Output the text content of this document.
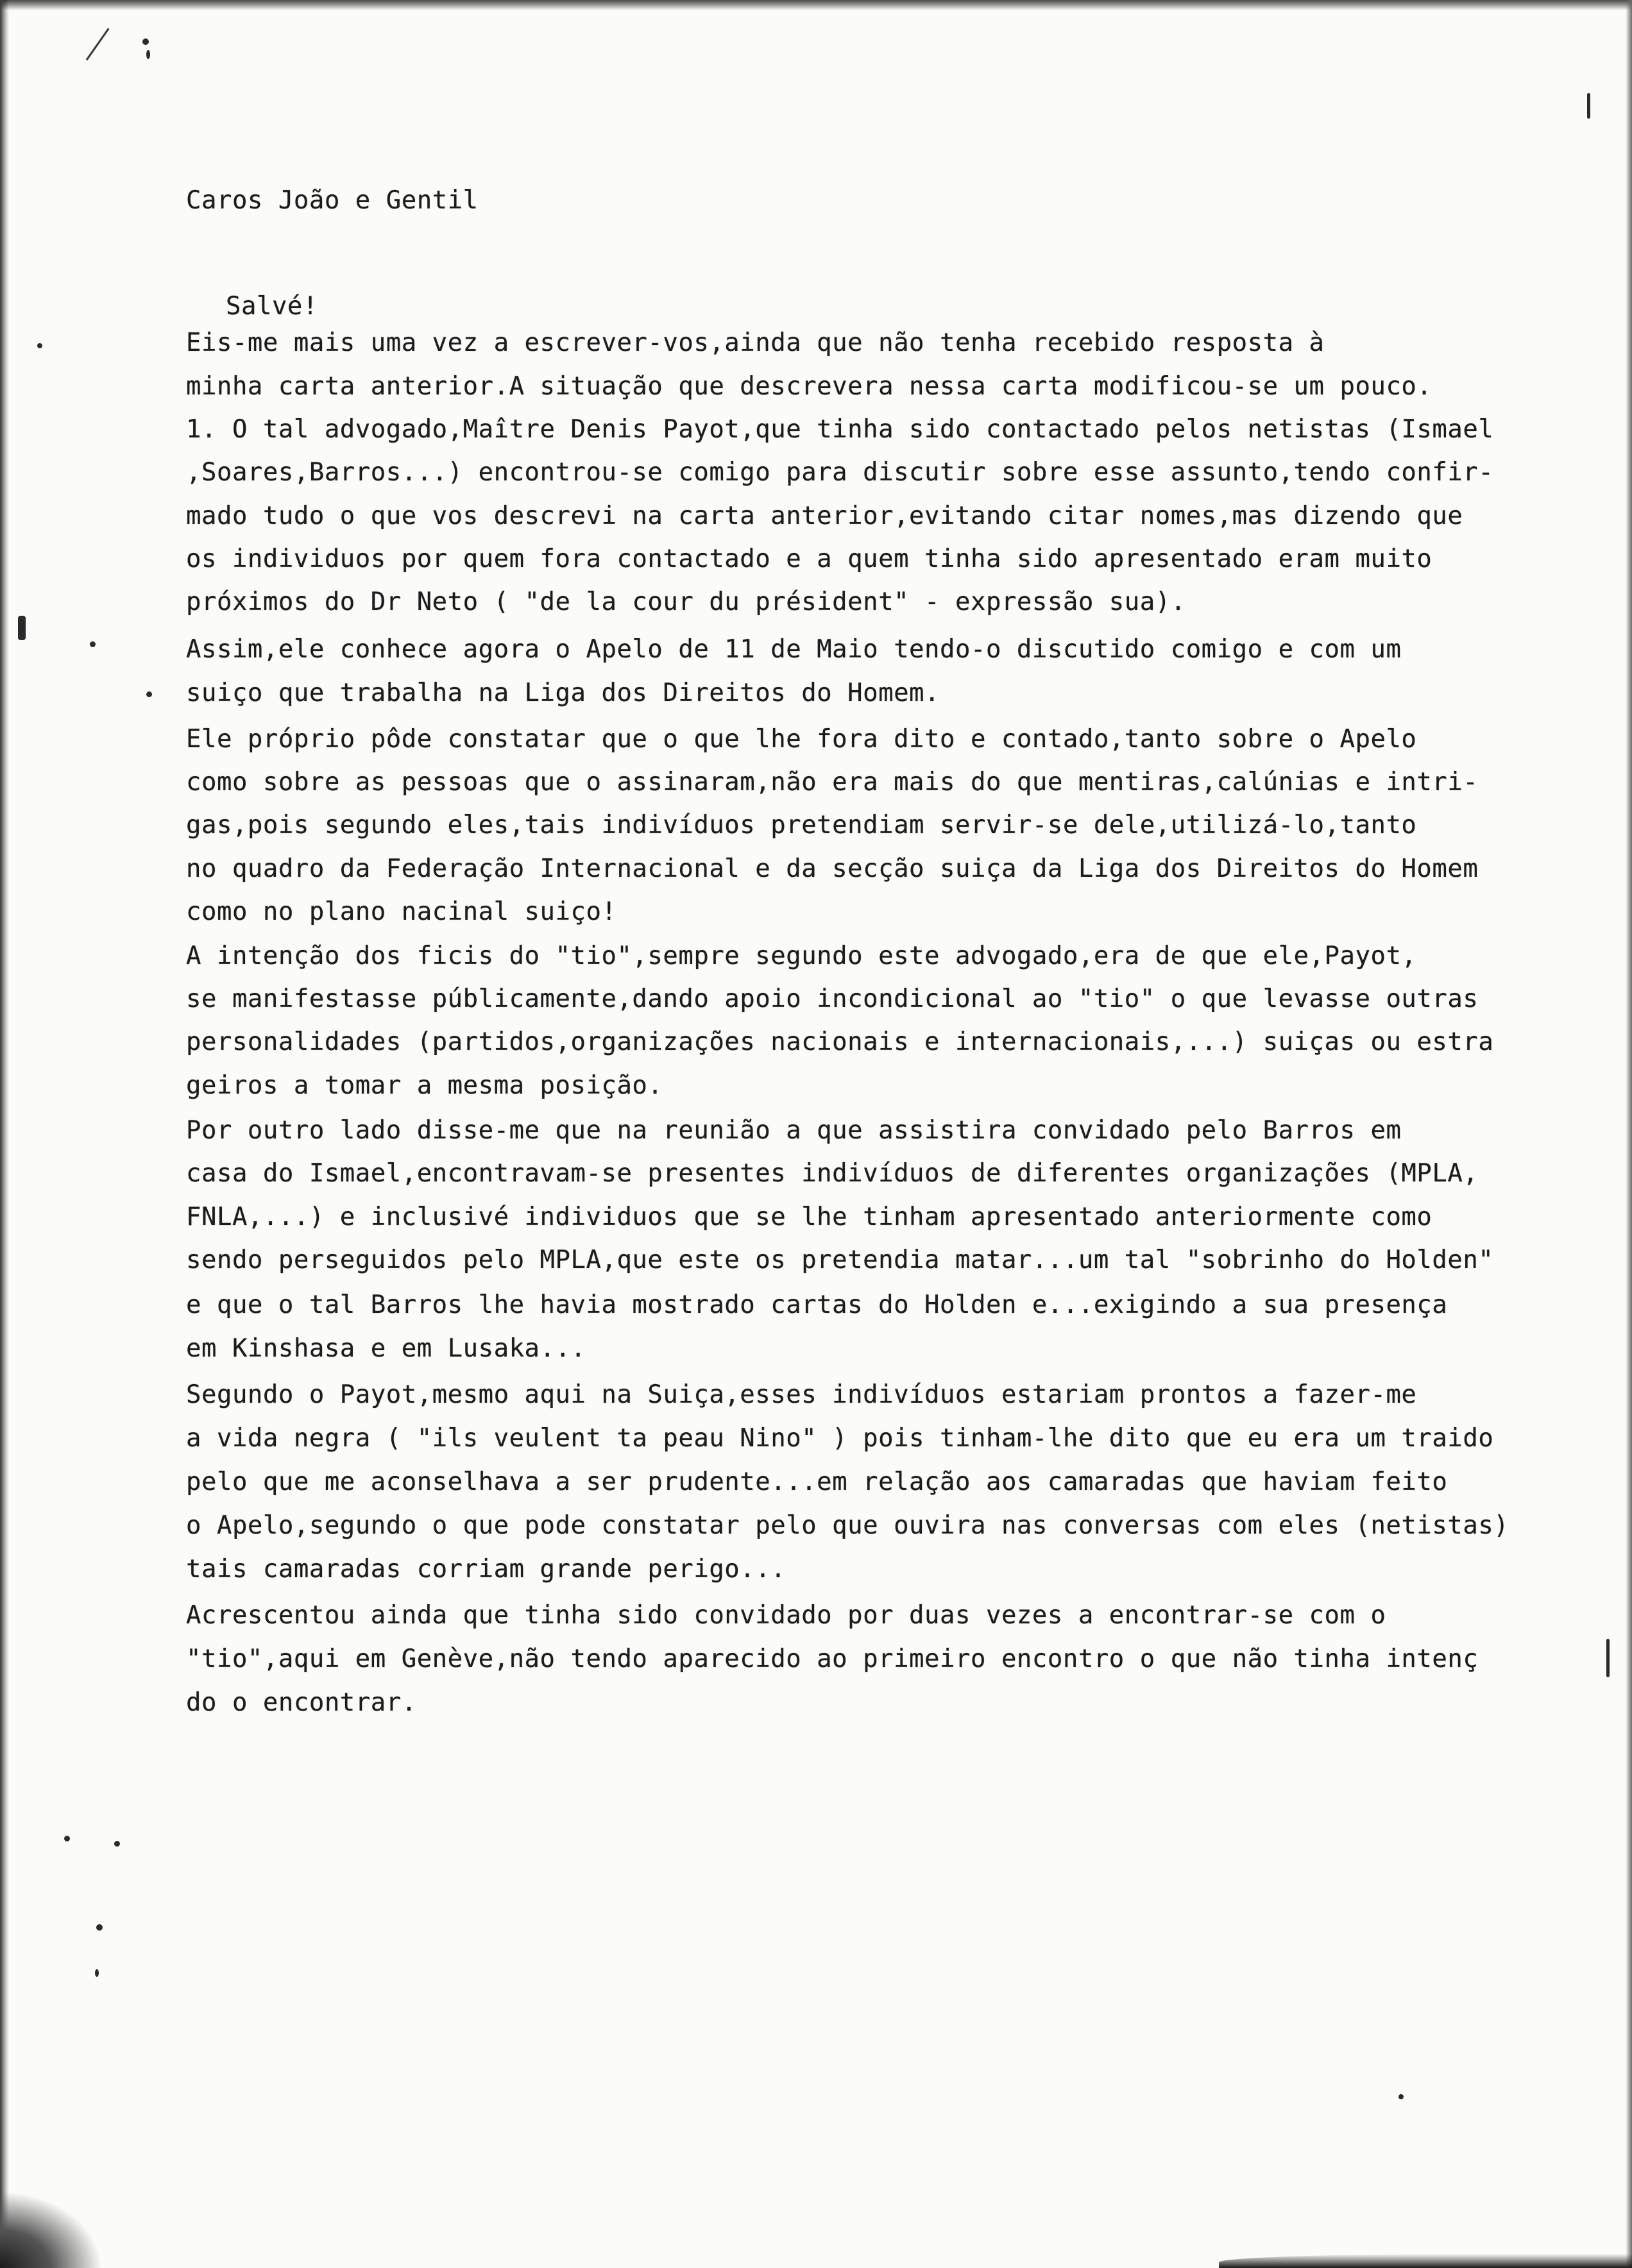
Caros João e Gentil
Salvé!
Eis-me mais uma vez a escrever-vos,ainda que não tenha recebido resposta à
minha carta anterior.A situação que descrevera nessa carta modificou-se um pouco.
1. O tal advogado,Maître Denis Payot,que tinha sido contactado pelos netistas (Ismael
,Soares,Barros...) encontrou-se comigo para discutir sobre esse assunto,tendo confir-
mado tudo o que vos descrevi na carta anterior,evitando citar nomes,mas dizendo que
os individuos por quem fora contactado e a quem tinha sido apresentado eram muito
próximos do Dr Neto ( "de la cour du président" - expressão sua).
Assim,ele conhece agora o Apelo de 11 de Maio tendo-o discutido comigo e com um
suiço que trabalha na Liga dos Direitos do Homem.
Ele próprio pôde constatar que o que lhe fora dito e contado,tanto sobre o Apelo
como sobre as pessoas que o assinaram,não era mais do que mentiras,calúnias e intri-
gas,pois segundo eles,tais indivíduos pretendiam servir-se dele,utilizá-lo,tanto
no quadro da Federação Internacional e da secção suiça da Liga dos Direitos do Homem
como no plano nacinal suiço!
A intenção dos ficis do "tio",sempre segundo este advogado,era de que ele,Payot,
se manifestasse públicamente,dando apoio incondicional ao "tio" o que levasse outras
personalidades (partidos,organizações nacionais e internacionais,...) suiças ou estra
geiros a tomar a mesma posição.
Por outro lado disse-me que na reunião a que assistira convidado pelo Barros em
casa do Ismael,encontravam-se presentes indivíduos de diferentes organizações (MPLA,
FNLA,...) e inclusivé individuos que se lhe tinham apresentado anteriormente como
sendo perseguidos pelo MPLA,que este os pretendia matar...um tal "sobrinho do Holden"
e que o tal Barros lhe havia mostrado cartas do Holden e...exigindo a sua presença
em Kinshasa e em Lusaka...
Segundo o Payot,mesmo aqui na Suiça,esses indivíduos estariam prontos a fazer-me
a vida negra ( "ils veulent ta peau Nino" ) pois tinham-lhe dito que eu era um traido
pelo que me aconselhava a ser prudente...em relação aos camaradas que haviam feito
o Apelo,segundo o que pode constatar pelo que ouvira nas conversas com eles (netistas)
tais camaradas corriam grande perigo...
Acrescentou ainda que tinha sido convidado por duas vezes a encontrar-se com o
"tio",aqui em Genève,não tendo aparecido ao primeiro encontro o que não tinha intenç
do o encontrar.
